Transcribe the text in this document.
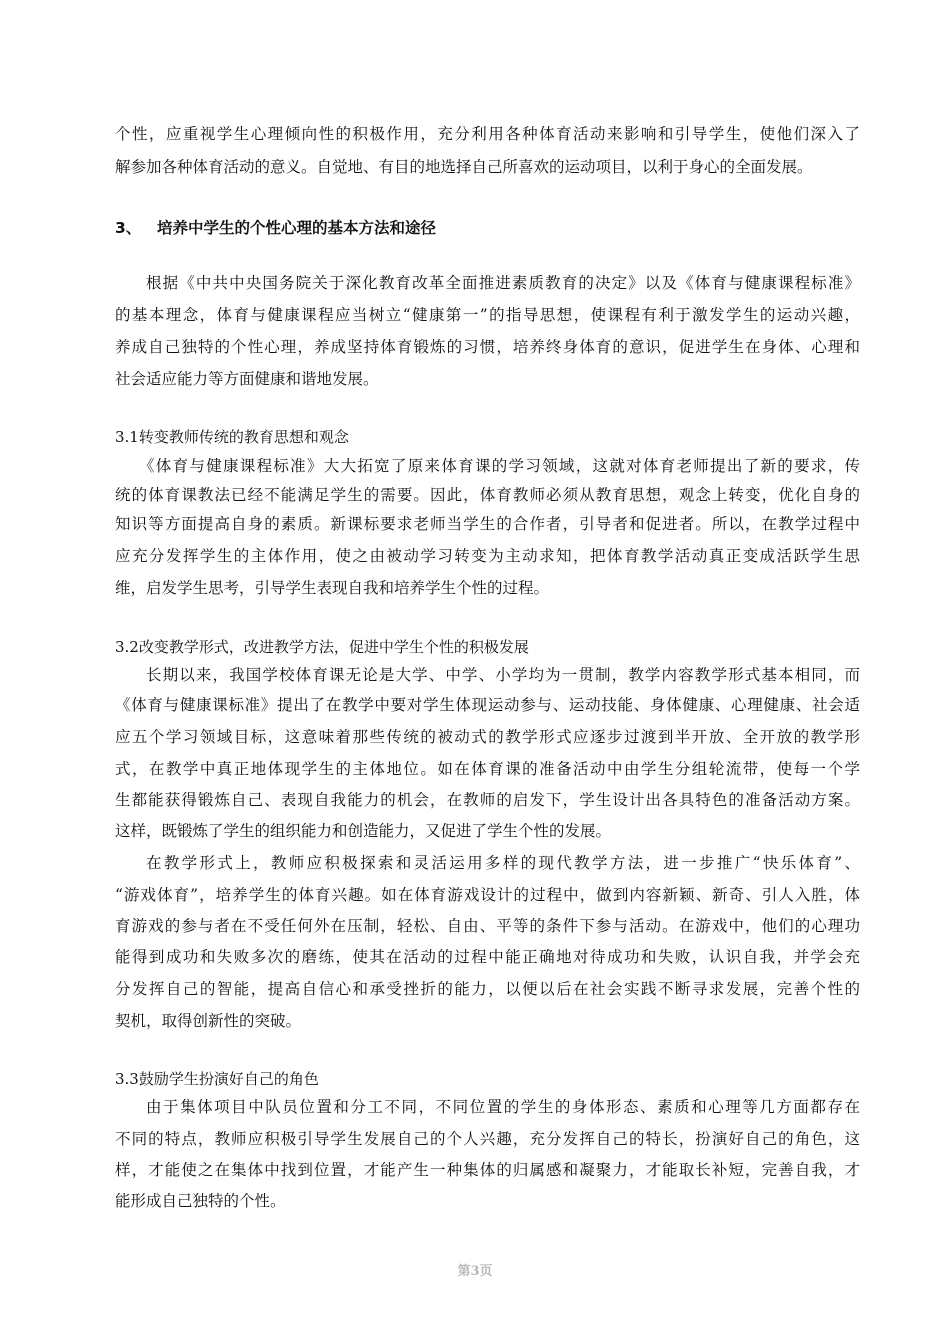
个性，应重视学生心理倾向性的积极作用，充分利用各种体育活动来影响和引导学生，使他们深入了
解参加各种体育活动的意义。自觉地、有目的地选择自己所喜欢的运动项目，以利于身心的全面发展。
3、 培养中学生的个性心理的基本方法和途径
根据《中共中央国务院关于深化教育改革全面推进素质教育的决定》以及《体育与健康课程标准》
的基本理念，体育与健康课程应当树立“健康第一”的指导思想，使课程有利于激发学生的运动兴趣，
养成自己独特的个性心理，养成坚持体育锻炼的习惯，培养终身体育的意识，促进学生在身体、心理和
社会适应能力等方面健康和谐地发展。
3.1转变教师传统的教育思想和观念
《体育与健康课程标准》大大拓宽了原来体育课的学习领域，这就对体育老师提出了新的要求，传
统的体育课教法已经不能满足学生的需要。因此，体育教师必须从教育思想，观念上转变，优化自身的
知识等方面提高自身的素质。新课标要求老师当学生的合作者，引导者和促进者。所以，在教学过程中
应充分发挥学生的主体作用，使之由被动学习转变为主动求知，把体育教学活动真正变成活跃学生思
维，启发学生思考，引导学生表现自我和培养学生个性的过程。
3.2改变教学形式，改进教学方法，促进中学生个性的积极发展
长期以来，我国学校体育课无论是大学、中学、小学均为一贯制，教学内容教学形式基本相同，而
《体育与健康课标准》提出了在教学中要对学生体现运动参与、运动技能、身体健康、心理健康、社会适
应五个学习领域目标，这意味着那些传统的被动式的教学形式应逐步过渡到半开放、全开放的教学形
式，在教学中真正地体现学生的主体地位。如在体育课的准备活动中由学生分组轮流带，使每一个学
生都能获得锻炼自己、表现自我能力的机会，在教师的启发下，学生设计出各具特色的准备活动方案。
这样，既锻炼了学生的组织能力和创造能力，又促进了学生个性的发展。
在教学形式上，教师应积极探索和灵活运用多样的现代教学方法，进一步推广“快乐体育”、
“游戏体育”，培养学生的体育兴趣。如在体育游戏设计的过程中，做到内容新颖、新奇、引人入胜，体
育游戏的参与者在不受任何外在压制，轻松、自由、平等的条件下参与活动。在游戏中，他们的心理功
能得到成功和失败多次的磨练，使其在活动的过程中能正确地对待成功和失败，认识自我，并学会充
分发挥自己的智能，提高自信心和承受挫折的能力，以便以后在社会实践不断寻求发展，完善个性的
契机，取得创新性的突破。
3.3鼓励学生扮演好自己的角色
由于集体项目中队员位置和分工不同，不同位置的学生的身体形态、素质和心理等几方面都存在
不同的特点，教师应积极引导学生发展自己的个人兴趣，充分发挥自己的特长，扮演好自己的角色，这
样，才能使之在集体中找到位置，才能产生一种集体的归属感和凝聚力，才能取长补短，完善自我，才
能形成自己独特的个性。
第3页
